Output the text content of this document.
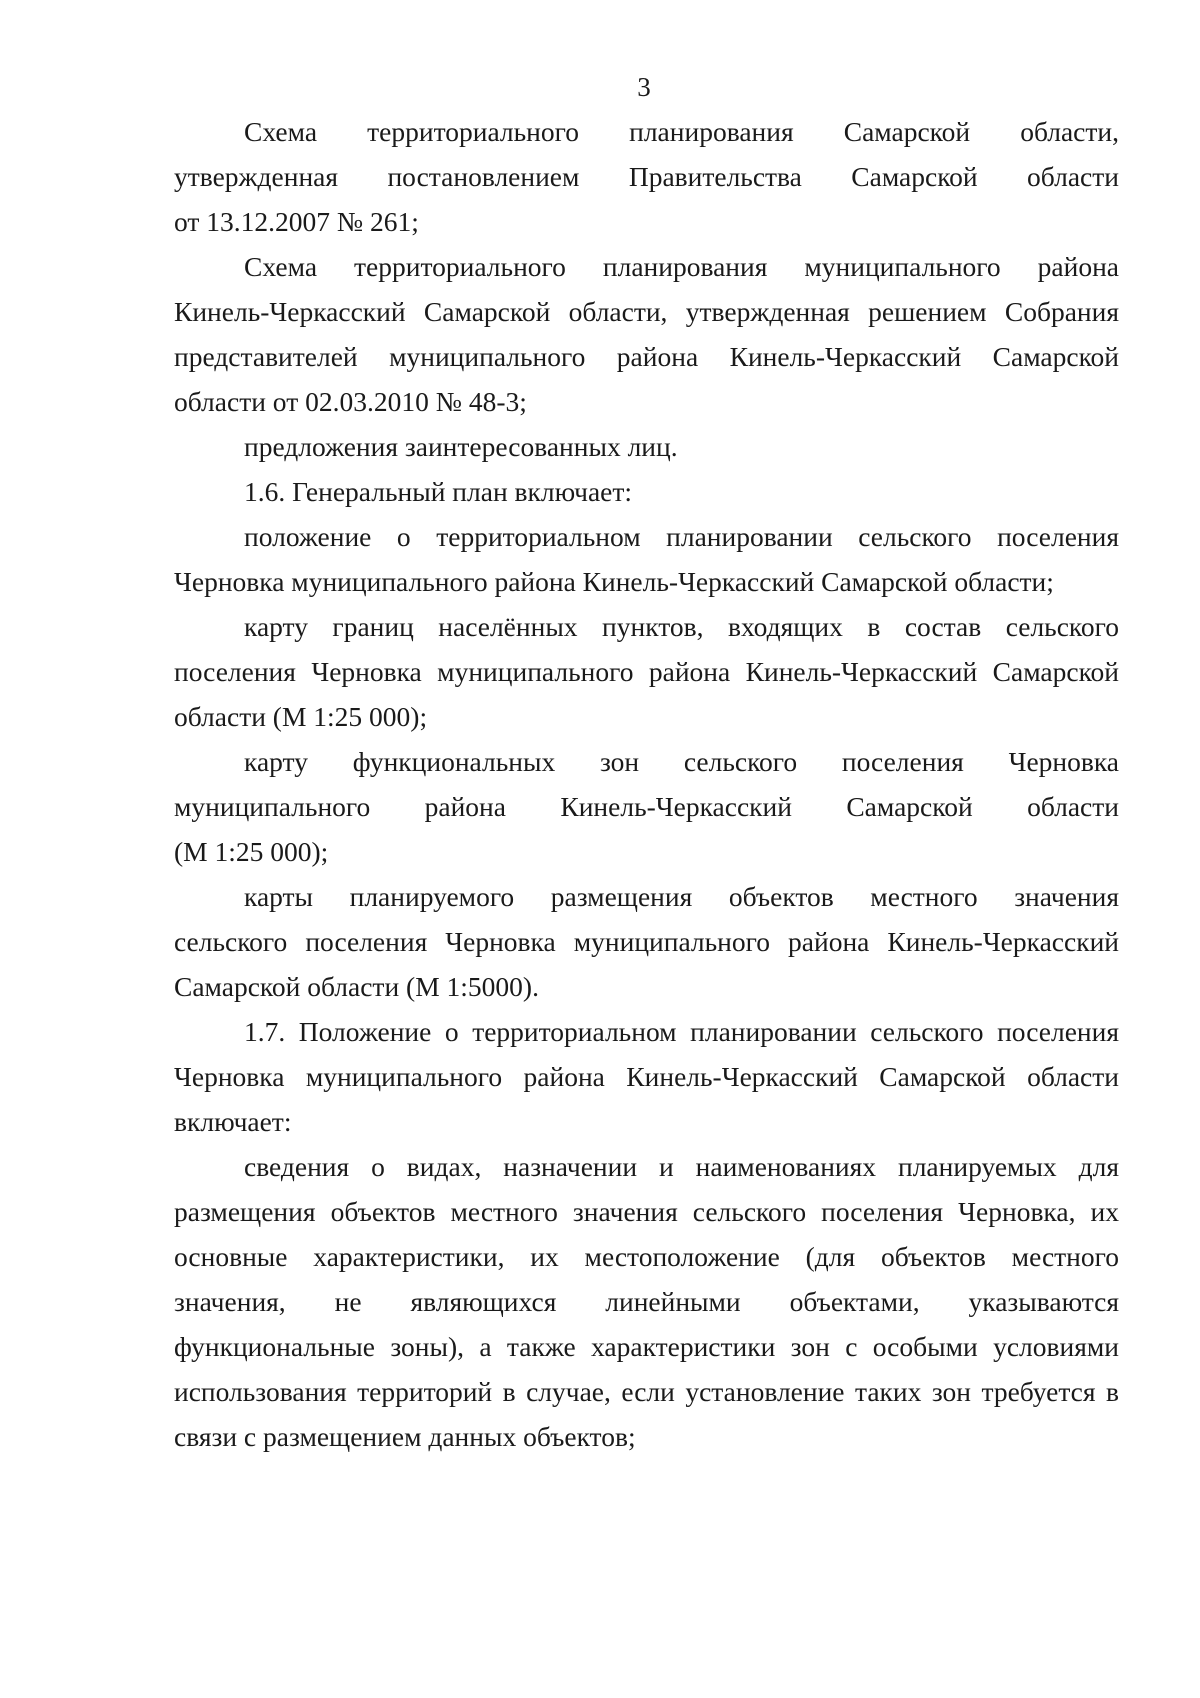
3
Схема территориального планирования Самарской области,
утвержденная постановлением Правительства Самарской области
от 13.12.2007 № 261;
Схема территориального планирования муниципального района
Кинель-Черкасский Самарской области, утвержденная решением Собрания
представителей муниципального района Кинель-Черкасский Самарской
области от 02.03.2010 № 48-3;
предложения заинтересованных лиц.
1.6. Генеральный план включает:
положение о территориальном планировании сельского поселения
Черновка муниципального района Кинель-Черкасский Самарской области;
карту границ населённых пунктов, входящих в состав сельского
поселения Черновка муниципального района Кинель-Черкасский Самарской
области (М 1:25 000);
карту функциональных зон сельского поселения Черновка
муниципального района Кинель-Черкасский Самарской области
(М 1:25 000);
карты планируемого размещения объектов местного значения
сельского поселения Черновка муниципального района Кинель-Черкасский
Самарской области (М 1:5000).
1.7. Положение о территориальном планировании сельского поселения
Черновка муниципального района Кинель-Черкасский Самарской области
включает:
сведения о видах, назначении и наименованиях планируемых для
размещения объектов местного значения сельского поселения Черновка, их
основные характеристики, их местоположение (для объектов местного
значения, не являющихся линейными объектами, указываются
функциональные зоны), а также характеристики зон с особыми условиями
использования территорий в случае, если установление таких зон требуется в
связи с размещением данных объектов;
